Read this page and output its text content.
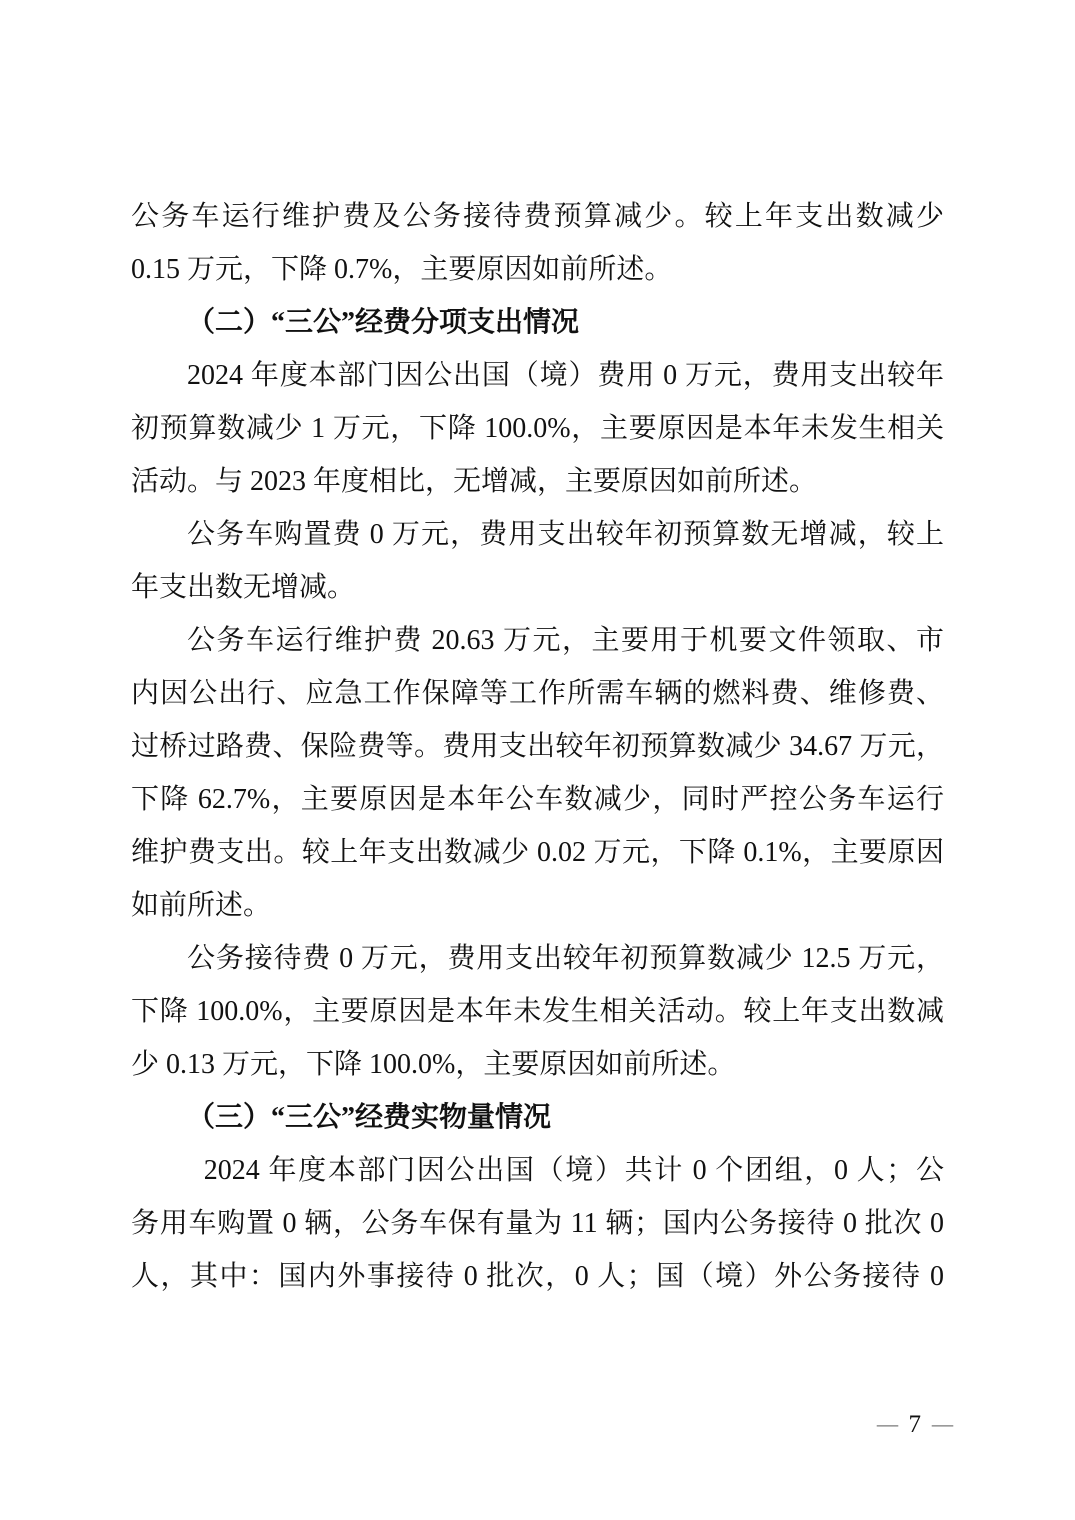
公务车运行维护费及公务接待费预算减少。较上年支出数减少
0.15 万元，下降 0.7%，主要原因如前所述。
（二）“三公”经费分项支出情况
2024 年度本部门因公出国（境）费用 0 万元，费用支出较年
初预算数减少 1 万元，下降 100.0%，主要原因是本年未发生相关
活动。与 2023 年度相比，无增减，主要原因如前所述。
公务车购置费 0 万元，费用支出较年初预算数无增减，较上
年支出数无增减。
公务车运行维护费 20.63 万元，主要用于机要文件领取、市
内因公出行、应急工作保障等工作所需车辆的燃料费、维修费、
过桥过路费、保险费等。费用支出较年初预算数减少 34.67 万元，
下降 62.7%，主要原因是本年公车数减少，同时严控公务车运行
维护费支出。较上年支出数减少 0.02 万元，下降 0.1%，主要原因
如前所述。
公务接待费 0 万元，费用支出较年初预算数减少 12.5 万元，
下降 100.0%，主要原因是本年未发生相关活动。较上年支出数减
少 0.13 万元，下降 100.0%，主要原因如前所述。
（三）“三公”经费实物量情况
2024 年度本部门因公出国（境）共计 0 个团组，0 人；公
务用车购置 0 辆，公务车保有量为 11 辆；国内公务接待 0 批次 0
人，其中：国内外事接待 0 批次，0 人；国（境）外公务接待 0
— 7 —
